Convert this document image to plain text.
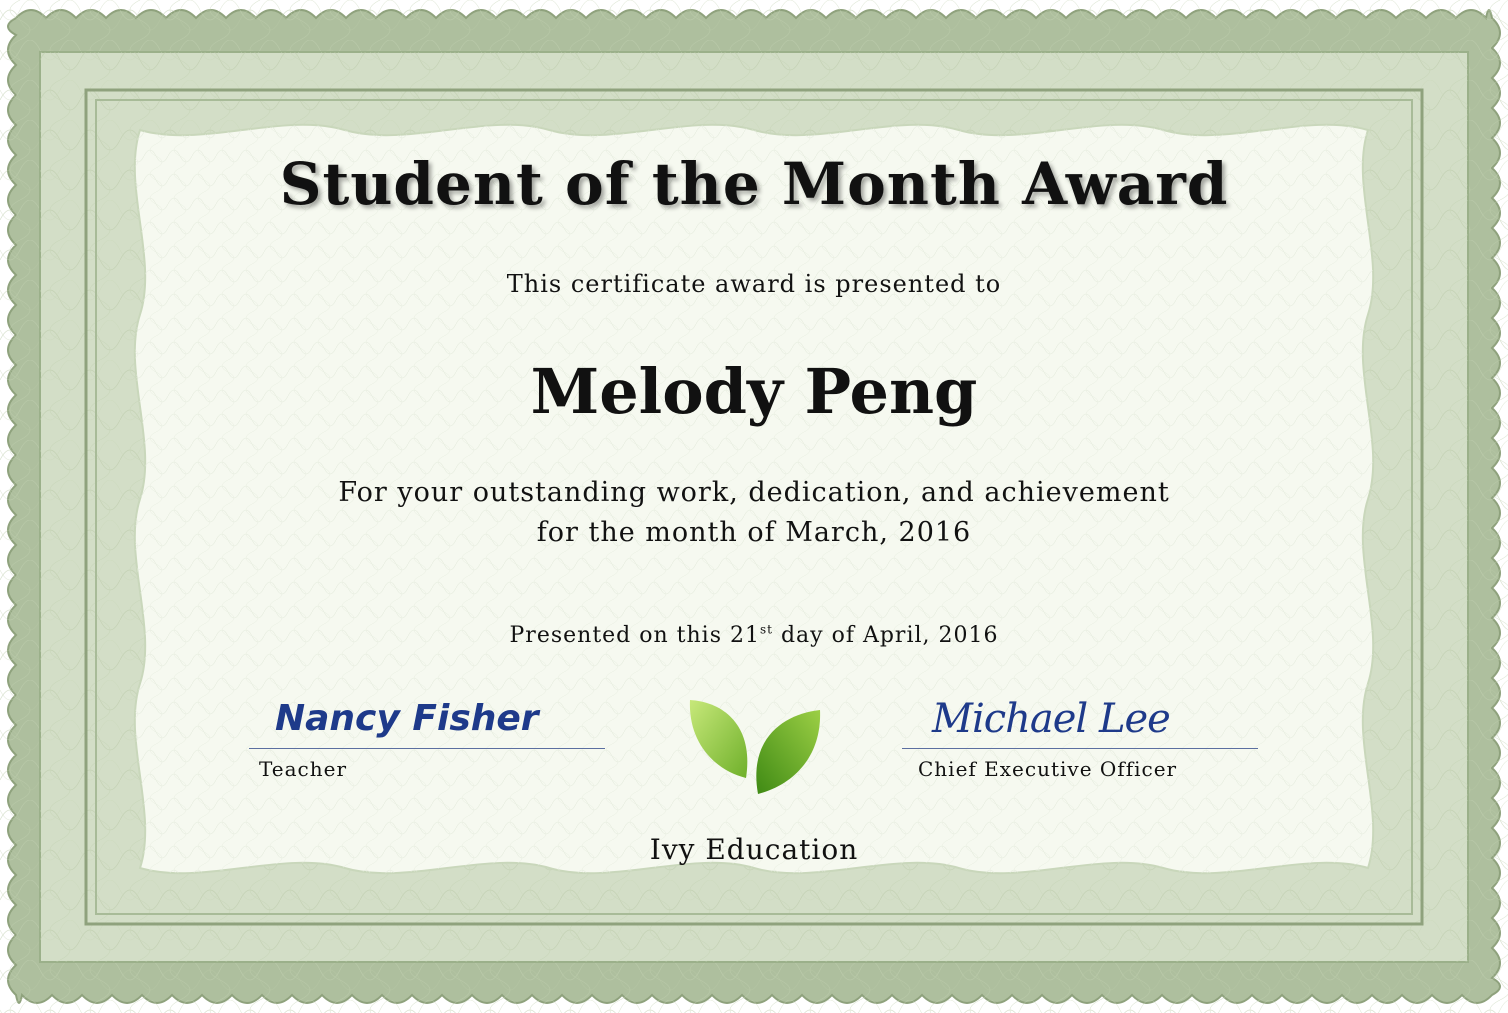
Student of the Month Award
This certificate award is presented to
Melody Peng
For your outstanding work, dedication, and achievement
for the month of March, 2016
Presented on this 21st day of April, 2016
Nancy Fisher
Teacher
Michael Lee
Chief Executive Officer
Ivy Education
